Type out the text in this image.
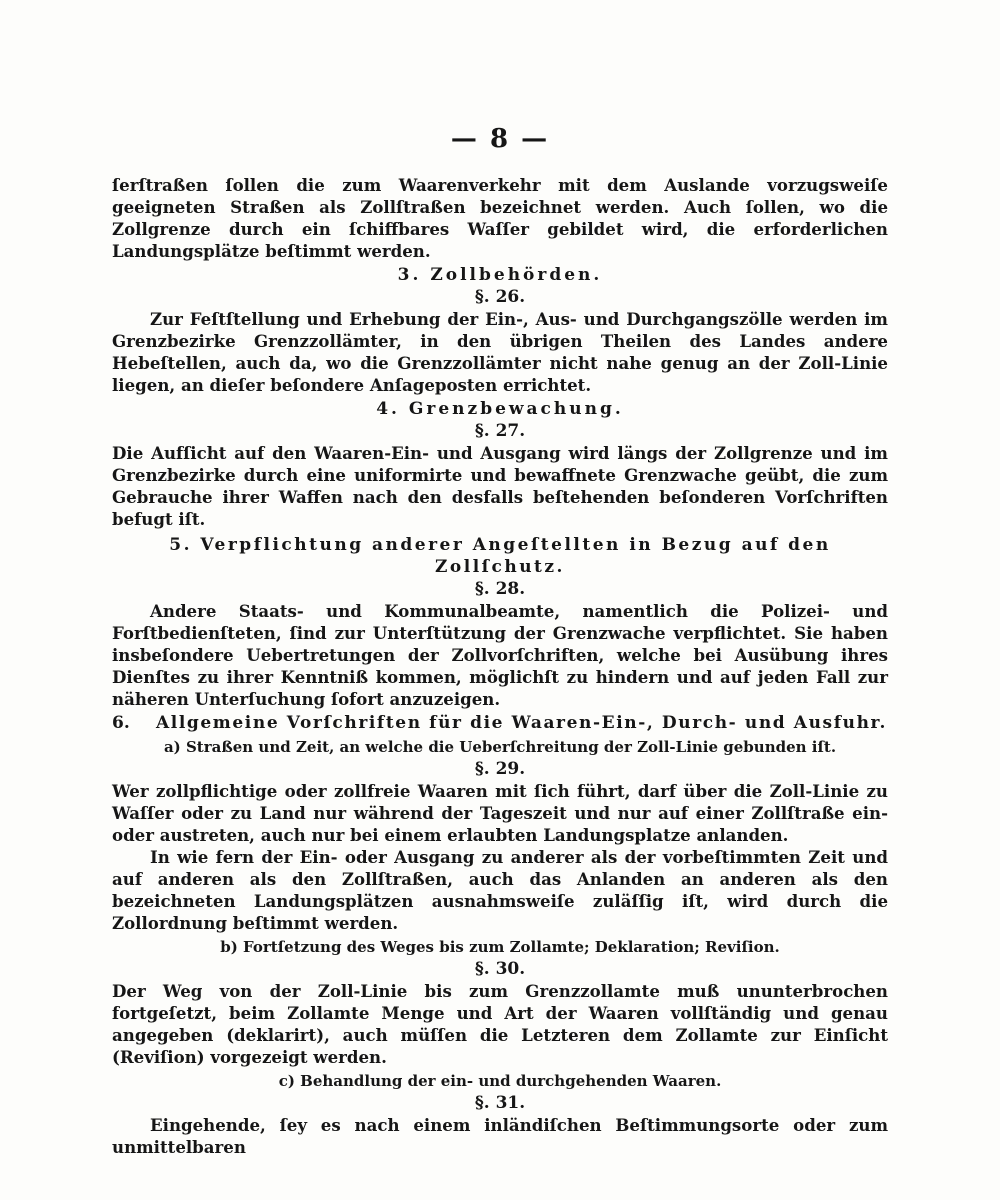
— 8 —

ſerſtraßen ſollen die zum Waarenverkehr mit dem Auslande vorzugsweiſe geeigneten Straßen als Zollſtraßen bezeichnet werden. Auch ſollen, wo die Zollgrenze durch ein ſchiffbares Waſſer gebildet wird, die erforderlichen Landungsplätze beſtimmt werden.

3. Zollbehörden.
§. 26.

Zur Feſtſtellung und Erhebung der Ein-, Aus- und Durchgangszölle werden im Grenzbezirke Grenzzollämter, in den übrigen Theilen des Landes andere Hebeſtellen, auch da, wo die Grenzzollämter nicht nahe genug an der Zoll-Linie liegen, an dieſer beſondere Anſageposten errichtet.

4. Grenzbewachung.
§. 27.

Die Aufſicht auf den Waaren-Ein- und Ausgang wird längs der Zollgrenze und im Grenzbezirke durch eine uniformirte und bewaffnete Grenzwache geübt, die zum Gebrauche ihrer Waffen nach den desfalls beſtehenden beſonderen Vorſchriften befugt iſt.

5. Verpflichtung anderer Angeſtellten in Bezug auf den Zollſchutz.
§. 28.

Andere Staats- und Kommunalbeamte, namentlich die Polizei- und Forſtbedienſteten, ſind zur Unterſtützung der Grenzwache verpflichtet. Sie haben insbeſondere Uebertretungen der Zollvorſchriften, welche bei Ausübung ihres Dienſtes zu ihrer Kenntniß kommen, möglichſt zu hindern und auf jeden Fall zur näheren Unterſuchung ſofort anzuzeigen.

6. Allgemeine Vorſchriften für die Waaren-Ein-, Durch- und Ausfuhr.
a) Straßen und Zeit, an welche die Ueberſchreitung der Zoll-Linie gebunden iſt.
§. 29.

Wer zollpflichtige oder zollfreie Waaren mit ſich führt, darf über die Zoll-Linie zu Waſſer oder zu Land nur während der Tageszeit und nur auf einer Zollſtraße ein- oder austreten, auch nur bei einem erlaubten Landungsplatze anlanden.

In wie fern der Ein- oder Ausgang zu anderer als der vorbeſtimmten Zeit und auf anderen als den Zollſtraßen, auch das Anlanden an anderen als den bezeichneten Landungsplätzen ausnahmsweiſe zuläſſig iſt, wird durch die Zollordnung beſtimmt werden.

b) Fortſetzung des Weges bis zum Zollamte; Deklaration; Reviſion.
§. 30.

Der Weg von der Zoll-Linie bis zum Grenzzollamte muß ununterbrochen fortgeſetzt, beim Zollamte Menge und Art der Waaren vollſtändig und genau angegeben (deklarirt), auch müſſen die Letzteren dem Zollamte zur Einſicht (Reviſion) vorgezeigt werden.

c) Behandlung der ein- und durchgehenden Waaren.
§. 31.

Eingehende, ſey es nach einem inländiſchen Beſtimmungsorte oder zum unmittelbaren
